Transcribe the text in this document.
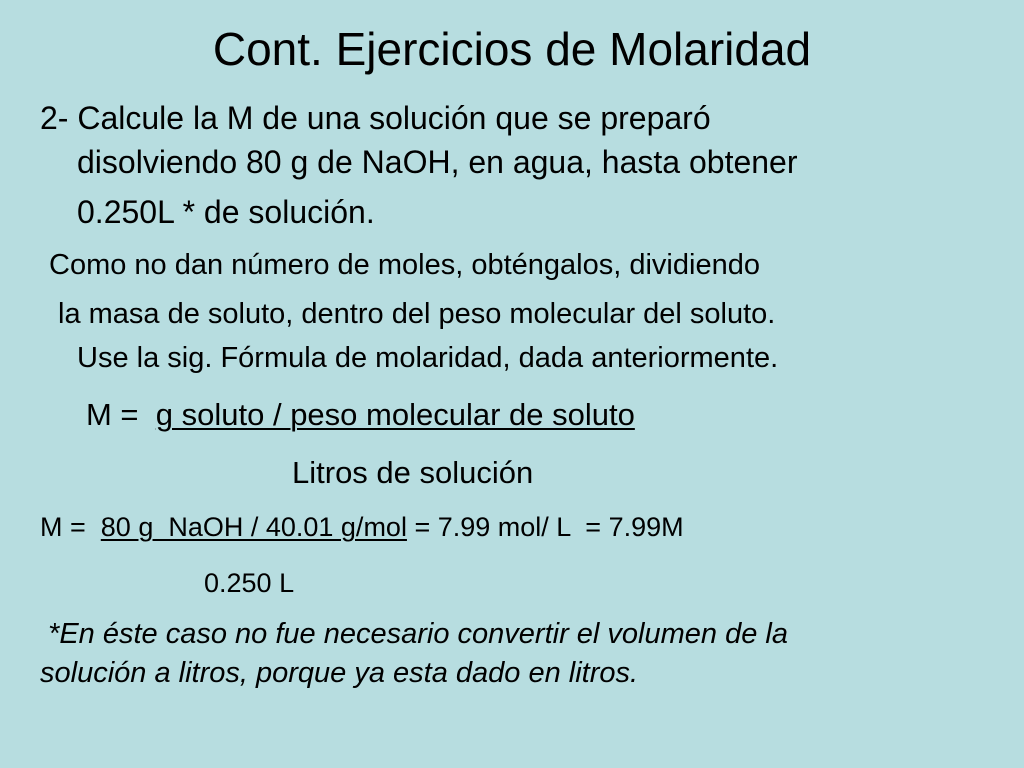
Cont. Ejercicios de Molaridad
2- Calcule la M de una solución que se preparó
disolviendo 80 g de NaOH, en agua, hasta obtener
0.250L * de solución.
Como no dan número de moles, obténgalos, dividiendo
la masa de soluto, dentro del peso molecular del soluto.
Use la sig. Fórmula de molaridad, dada anteriormente.
M =  g soluto / peso molecular de soluto
Litros de solución
M =  80 g  NaOH / 40.01 g/mol = 7.99 mol/ L  = 7.99M
0.250 L
*En éste caso no fue necesario convertir el volumen de la
solución a litros, porque ya esta dado en litros.
